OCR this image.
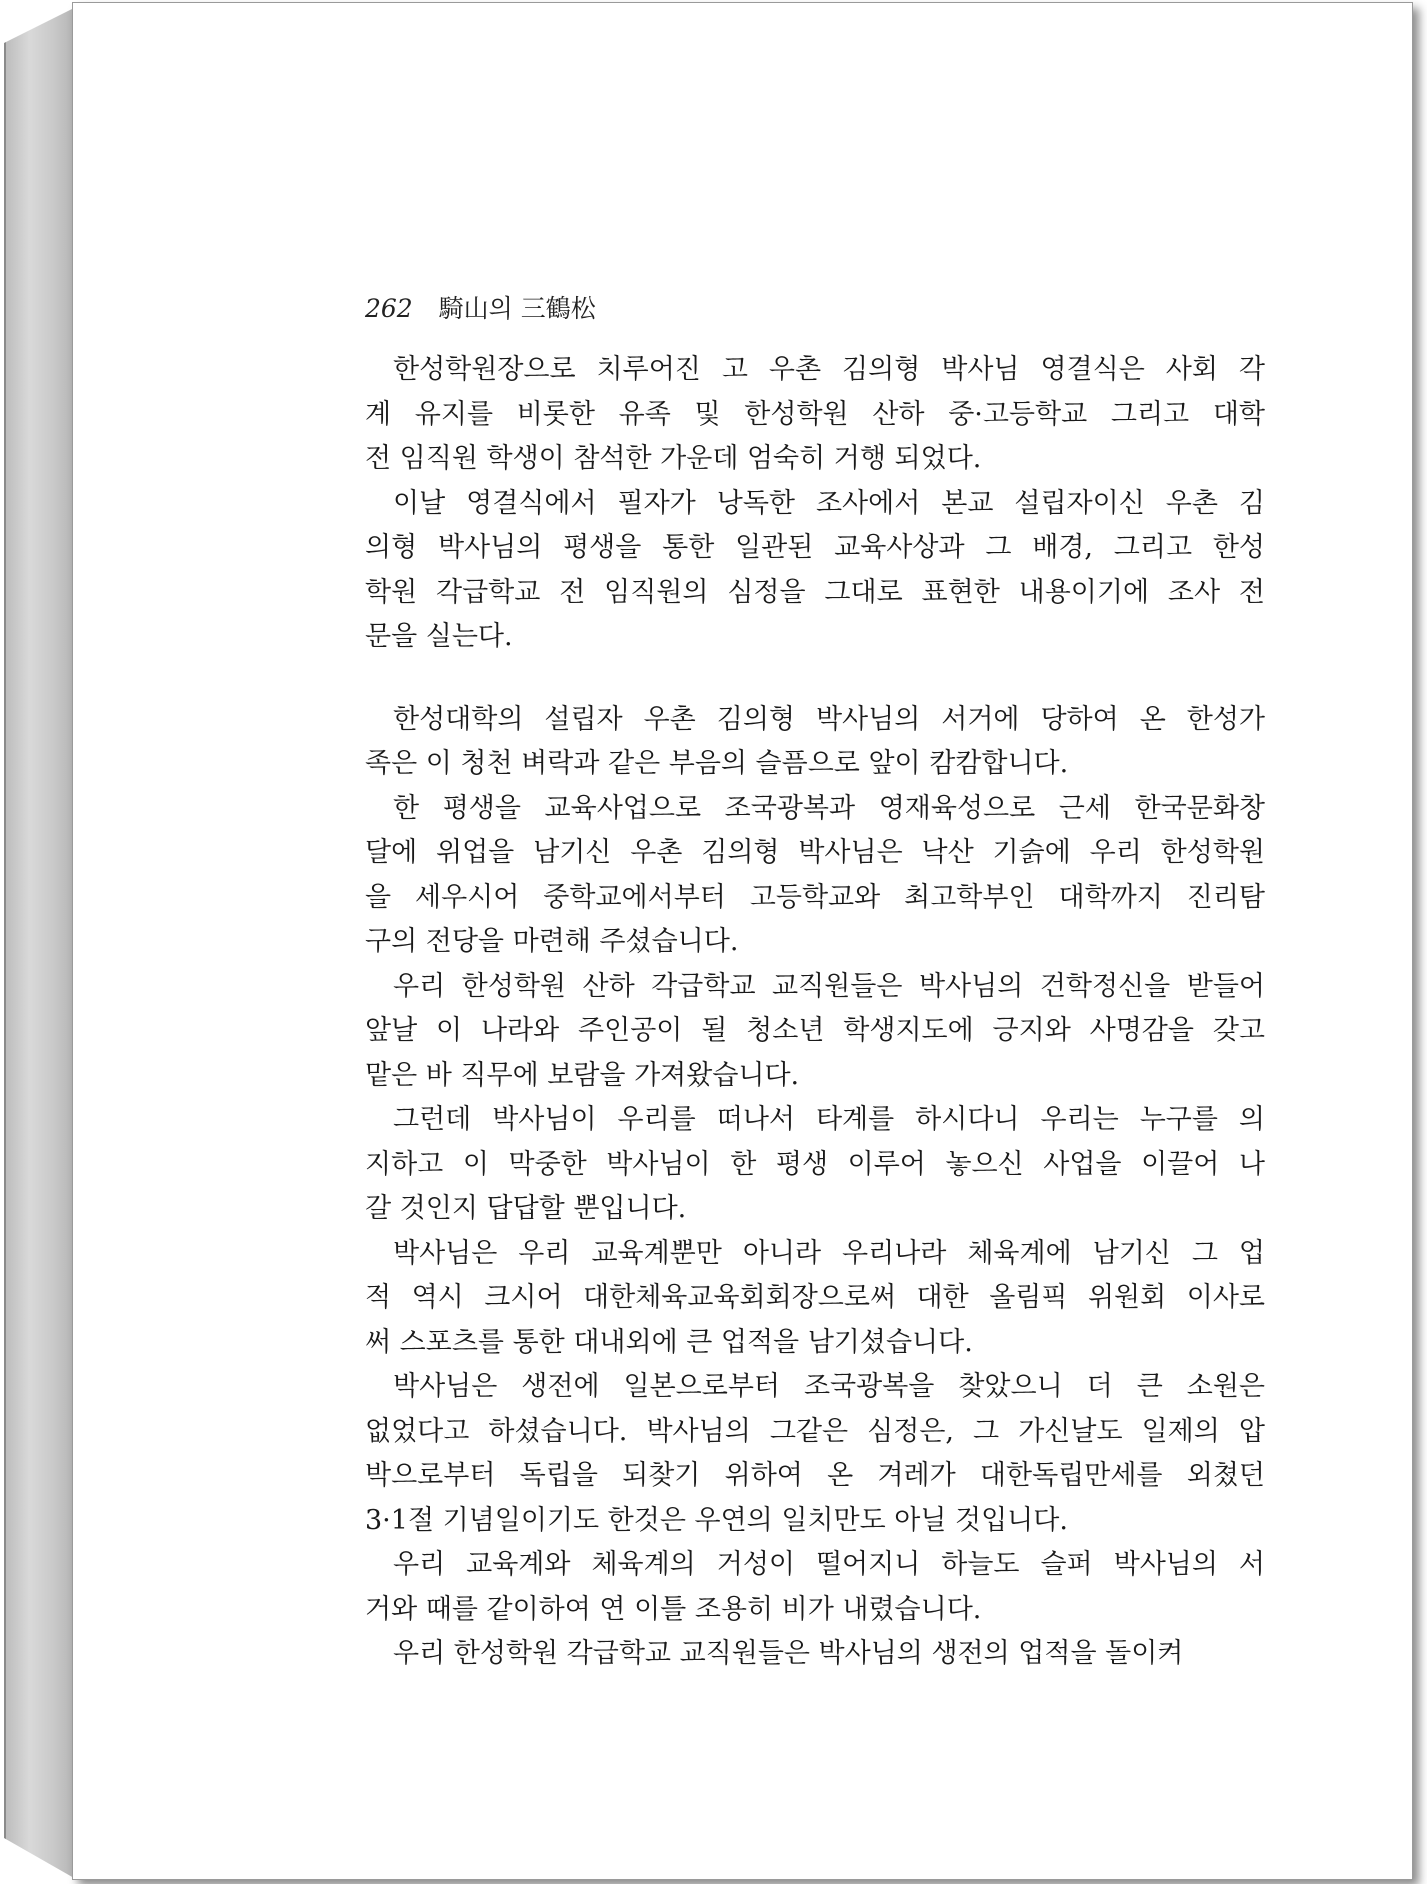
262 騎山의 三鶴松
한성학원장으로 치루어진 고 우촌 김의형 박사님 영결식은 사회 각
계 유지를 비롯한 유족 및 한성학원 산하 중·고등학교 그리고 대학
전 임직원 학생이 참석한 가운데 엄숙히 거행 되었다.
이날 영결식에서 필자가 낭독한 조사에서 본교 설립자이신 우촌 김
의형 박사님의 평생을 통한 일관된 교육사상과 그 배경, 그리고 한성
학원 각급학교 전 임직원의 심정을 그대로 표현한 내용이기에 조사 전
문을 실는다.
한성대학의 설립자 우촌 김의형 박사님의 서거에 당하여 온 한성가
족은 이 청천 벼락과 같은 부음의 슬픔으로 앞이 캄캄합니다.
한 평생을 교육사업으로 조국광복과 영재육성으로 근세 한국문화창
달에 위업을 남기신 우촌 김의형 박사님은 낙산 기슭에 우리 한성학원
을 세우시어 중학교에서부터 고등학교와 최고학부인 대학까지 진리탐
구의 전당을 마련해 주셨습니다.
우리 한성학원 산하 각급학교 교직원들은 박사님의 건학정신을 받들어
앞날 이 나라와 주인공이 될 청소년 학생지도에 긍지와 사명감을 갖고
맡은 바 직무에 보람을 가져왔습니다.
그런데 박사님이 우리를 떠나서 타계를 하시다니 우리는 누구를 의
지하고 이 막중한 박사님이 한 평생 이루어 놓으신 사업을 이끌어 나
갈 것인지 답답할 뿐입니다.
박사님은 우리 교육계뿐만 아니라 우리나라 체육계에 남기신 그 업
적 역시 크시어 대한체육교육회회장으로써 대한 올림픽 위원회 이사로
써 스포츠를 통한 대내외에 큰 업적을 남기셨습니다.
박사님은 생전에 일본으로부터 조국광복을 찾았으니 더 큰 소원은
없었다고 하셨습니다. 박사님의 그같은 심정은, 그 가신날도 일제의 압
박으로부터 독립을 되찾기 위하여 온 겨레가 대한독립만세를 외쳤던
3·1절 기념일이기도 한것은 우연의 일치만도 아닐 것입니다.
우리 교육계와 체육계의 거성이 떨어지니 하늘도 슬퍼 박사님의 서
거와 때를 같이하여 연 이틀 조용히 비가 내렸습니다.
우리 한성학원 각급학교 교직원들은 박사님의 생전의 업적을 돌이켜
